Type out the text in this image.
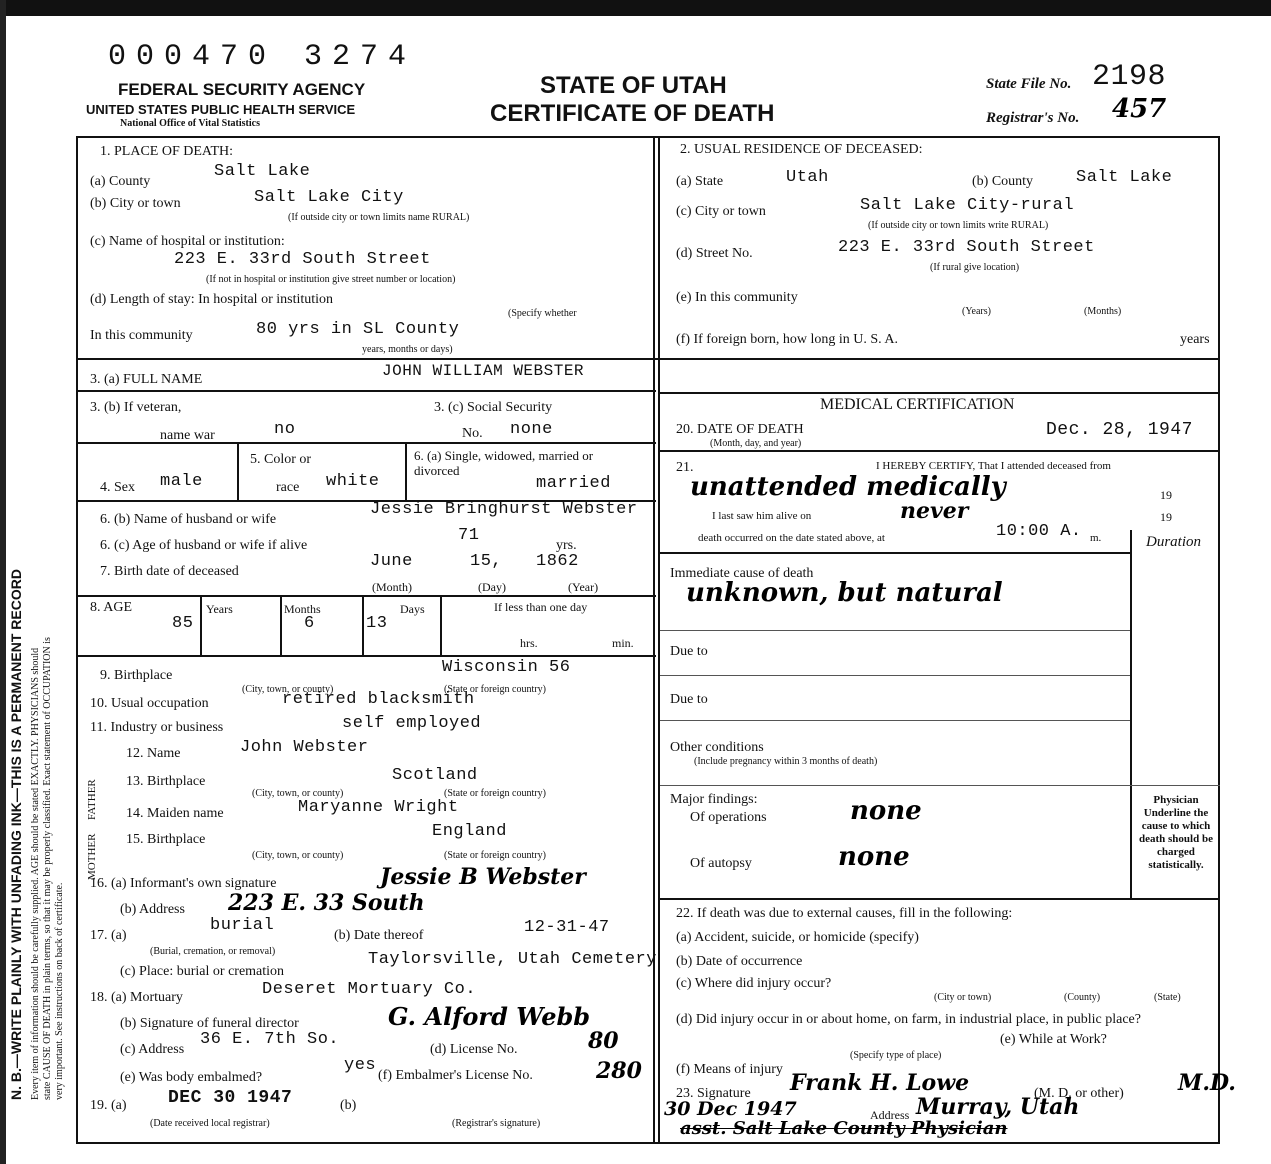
N. B.—WRITE PLAINLY WITH UNFADING INK—THIS IS A PERMANENT RECORD Every item of information should be carefully supplied. AGE should be stated EXACTLY. PHYSICIANS should state CAUSE OF DEATH in plain terms, so that it may be properly classified. Exact statement of OCCUPATION is very important. See instructions on back of certificate.
FATHER
MOTHER
000470 3274
FEDERAL SECURITY AGENCY
UNITED STATES PUBLIC HEALTH SERVICE
National Office of Vital Statistics
STATE OF UTAH
CERTIFICATE OF DEATH
State File No. 2198
Registrar's No. 457
1. PLACE OF DEATH:
(a) County
Salt Lake
(b) City or town	Salt Lake City
(If outside city or town limits name RURAL)
(c) Name of hospital or institution:
223 E. 33rd South Street
(If not in hospital or institution give street number or location)
(d) Length of stay: In hospital or institution
(Specify whether
In this community	80 yrs in SL County
years, months or days)
2. USUAL RESIDENCE OF DECEASED:
(a) State	Utah	(b) County	Salt Lake
(c) City or town	Salt Lake City-rural
(If outside city or town limits write RURAL)
(d) Street No.	223 E. 33rd South Street
(If rural give location)
(e) In this community
(Years)	(Months)
(f) If foreign born, how long in U. S. A.	years
3. (a) FULL NAME	JOHN WILLIAM WEBSTER
3. (b) If veteran,
name war	no
3. (c) Social Security
No. none
4. Sex male
5. Color or
race white
6. (a) Single, widowed, married or divorced
married
6. (b) Name of husband or wife
Jessie Bringhurst Webster
6. (c) Age of husband or wife if alive
71
yrs.
7. Birth date of deceased
June	15, 1862
(Month)	(Day)	(Year)
8. AGE	Years	Months	Days
85	6	13
If less than one day
hrs.	min.
9. Birthplace	Wisconsin 56
(City, town, or county)	(State or foreign country)
10. Usual occupation	retired blacksmith
11. Industry or business	self employed
12. Name	John Webster
13. Birthplace	Scotland
(City, town, or county)	(State or foreign country)
14. Maiden name	Maryanne Wright
15. Birthplace	England
(City, town, or county)	(State or foreign country)
16. (a) Informant's own signature	Jessie B Webster
(b) Address 223 E. 33 South
17. (a)
burial
(Burial, cremation, or removal)
(b) Date thereof	12-31-47
(c) Place: burial or cremation
Taylorsville, Utah Cemetery
18. (a) Mortuary	Deseret Mortuary Co.
(b) Signature of funeral director	G. Alford Webb
(c) Address
36 E. 7th So.
(d) License No.	80
(e) Was body embalmed?
yes
(f) Embalmer's License No.	280
19. (a) DEC 30 1947
(Date received local registrar)
(b)
(Registrar's signature)
MEDICAL CERTIFICATION
20. DATE OF DEATH
(Month, day, and year)
Dec. 28, 1947
21.	I HEREBY CERTIFY, That I attended deceased from
unattended medically	19
I last saw him alive on	never	19
death occurred on the date stated above, at	10:00 A. m.	Duration
Immediate cause of death
unknown, but natural
Due to
Due to
Other conditions
(Include pregnancy within 3 months of death)
Major findings:
Of operations	none
Of autopsy	none
Physician Underline the cause to which death should be charged statistically.
22. If death was due to external causes, fill in the following:
(a) Accident, suicide, or homicide (specify)
(b) Date of occurrence
(c) Where did injury occur?
(City or town)	(County)	(State)
(d) Did injury occur in or about home, on farm, in industrial place, in public place?
(e) While at Work?
(Specify type of place)
(f) Means of injury
23. Signature Frank H. Lowe	(M. D. or other) M.D.
30 Dec 1947	Address Murray, Utah
asst. Salt Lake County Physician
